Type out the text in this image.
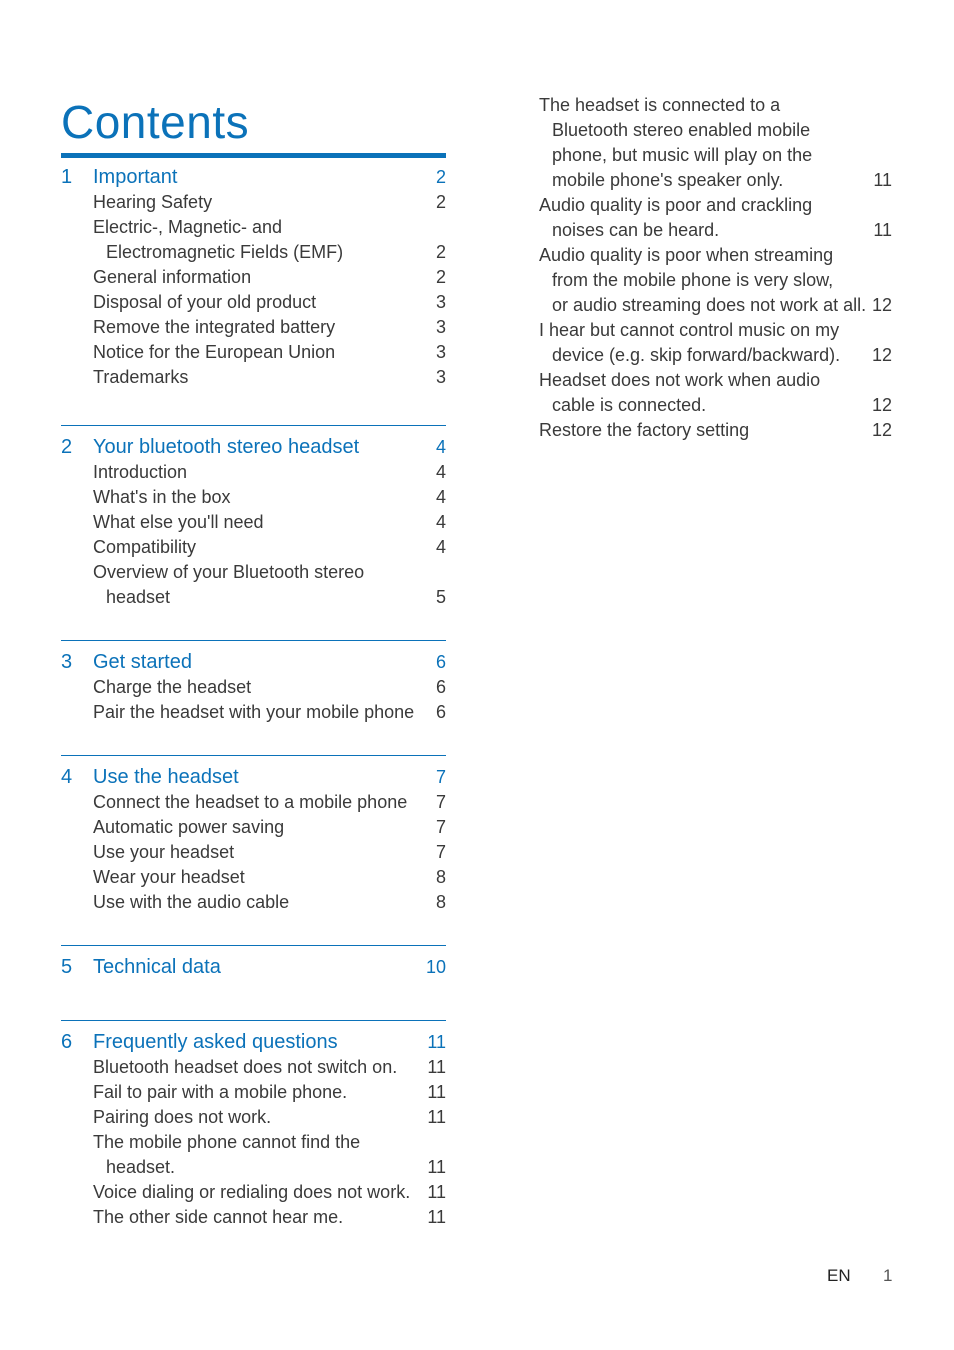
Contents
1	Important	2
Hearing Safety	2
Electric-, Magnetic- and
Electromagnetic Fields (EMF)	2
General information	2
Disposal of your old product	3
Remove the integrated battery	3
Notice for the European Union	3
Trademarks	3
2	Your bluetooth stereo headset	4
Introduction	4
What's in the box	4
What else you'll need	4
Compatibility	4
Overview of your Bluetooth stereo
headset	5
3	Get started	6
Charge the headset	6
Pair the headset with your mobile phone 6
4	Use the headset	7
Connect the headset to a mobile phone 7
Automatic power saving	7
Use your headset	7
Wear your headset	8
Use with the audio cable	8
5	Technical data	10
6	Frequently asked questions	11
Bluetooth headset does not switch on. 11
Fail to pair with a mobile phone.	11
Pairing does not work.	11
The mobile phone cannot find the
headset.	11
Voice dialing or redialing does not work. 11
The other side cannot hear me.	11
The headset is connected to a
Bluetooth stereo enabled mobile
phone, but music will play on the
mobile phone's speaker only.	11
Audio quality is poor and crackling
noises can be heard.	11
Audio quality is poor when streaming
from the mobile phone is very slow,
or audio streaming does not work at all. 12
I hear but cannot control music on my
device (e.g. skip forward/backward).	12
Headset does not work when audio
cable is connected.	12
Restore the factory setting	12
EN 1
